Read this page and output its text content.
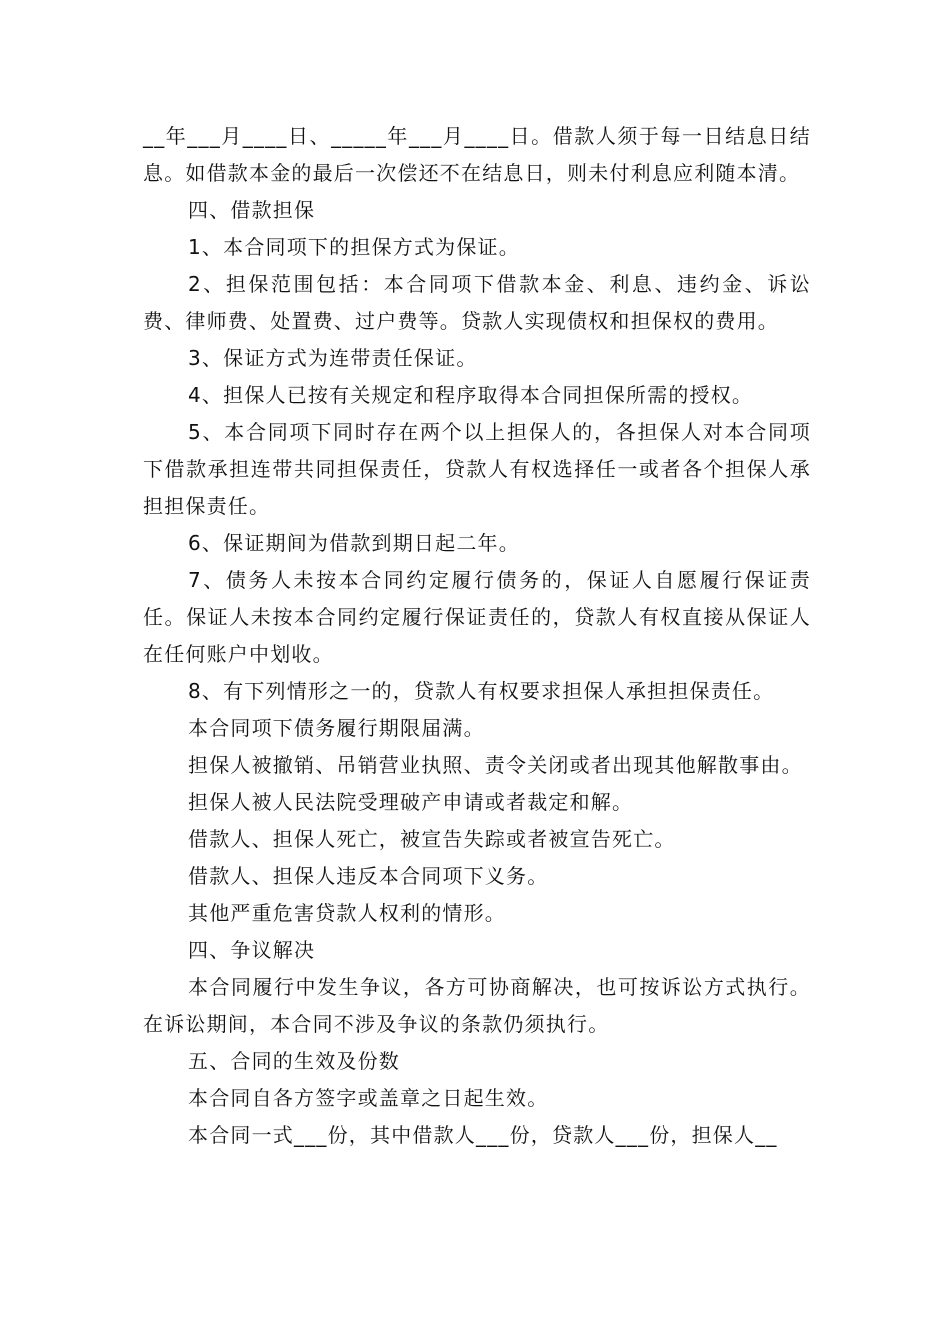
__年___月____日、_____年___月____日。借款人须于每一日结息日结息。如借款本金的最后一次偿还不在结息日，则未付利息应利随本清。

四、借款担保

1、本合同项下的担保方式为保证。

2、担保范围包括：本合同项下借款本金、利息、违约金、诉讼费、律师费、处置费、过户费等。贷款人实现债权和担保权的费用。

3、保证方式为连带责任保证。

4、担保人已按有关规定和程序取得本合同担保所需的授权。

5、本合同项下同时存在两个以上担保人的，各担保人对本合同项下借款承担连带共同担保责任，贷款人有权选择任一或者各个担保人承担担保责任。

6、保证期间为借款到期日起二年。

7、债务人未按本合同约定履行债务的，保证人自愿履行保证责任。保证人未按本合同约定履行保证责任的，贷款人有权直接从保证人在任何账户中划收。

8、有下列情形之一的，贷款人有权要求担保人承担担保责任。

本合同项下债务履行期限届满。

担保人被撤销、吊销营业执照、责令关闭或者出现其他解散事由。

担保人被人民法院受理破产申请或者裁定和解。

借款人、担保人死亡，被宣告失踪或者被宣告死亡。

借款人、担保人违反本合同项下义务。

其他严重危害贷款人权利的情形。

四、争议解决

本合同履行中发生争议，各方可协商解决，也可按诉讼方式执行。在诉讼期间，本合同不涉及争议的条款仍须执行。

五、合同的生效及份数

本合同自各方签字或盖章之日起生效。

本合同一式___份，其中借款人___份，贷款人___份，担保人__
